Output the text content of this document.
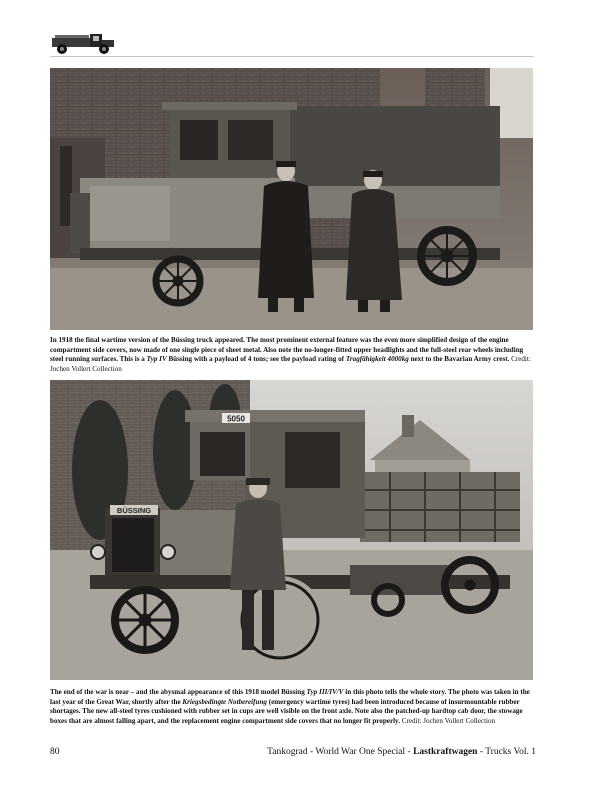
In 1918 the final wartime version of the Büssing truck appeared. The most prominent external feature was the even more simplified design of the engine compartment side covers, now made of one single piece of sheet metal. Also note the no-longer-fitted upper headlights and the full-steel rear wheels including steel running surfaces. This is a Typ IV Büssing with a payload of 4 tons; see the payload rating of Tragfähigkeit 4000kg next to the Bavarian Army crest. Credit: Jochen Vollert Collection

5050
BÜSSING

The end of the war is near – and the abysmal appearance of this 1918 model Büssing Typ III/IV/V in this photo tells the whole story. The photo was taken in the last year of the Great War, shortly after the Kriegsbedingte Notbereifung (emergency wartime tyres) had been introduced because of insurmountable rubber shortages. The new all-steel tyres cushioned with rubber set in cups are well visible on the front axle. Note also the patched-up hardtop cab door, the stowage boxes that are almost falling apart, and the replacement engine compartment side covers that no longer fit properly. Credit: Jochen Vollert Collection

80	Tankograd - World War One Special - Lastkraftwagen - Trucks Vol. 1
